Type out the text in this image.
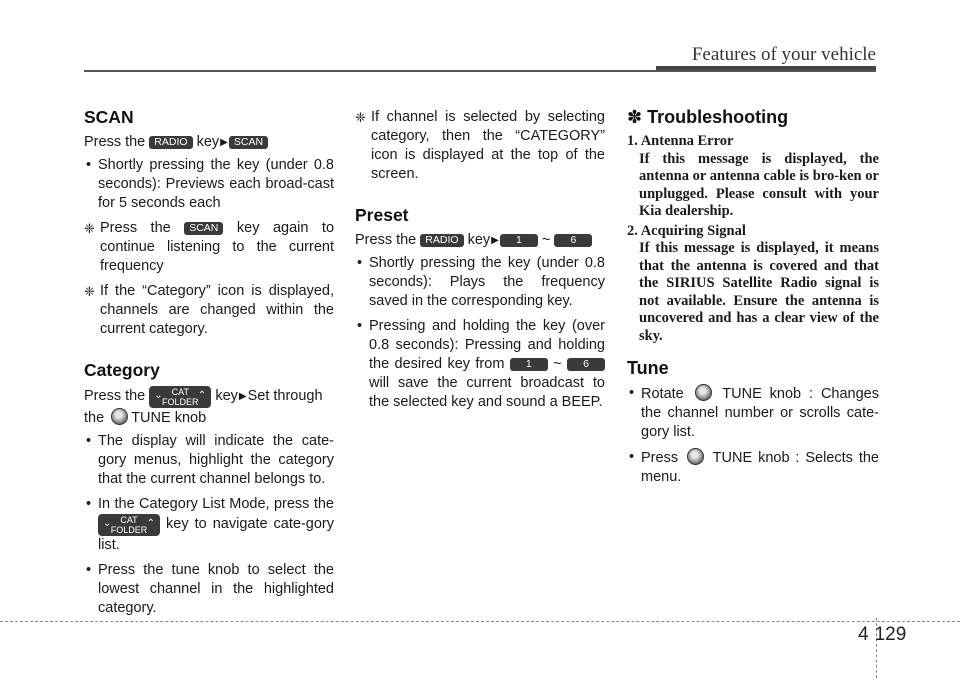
Features of your vehicle
SCAN

Press the RADIO key▶ SCAN

• Shortly pressing the key (under 0.8 seconds): Previews each broad-cast for 5 seconds each
❈ Press the SCAN key again to continue listening to the current frequency
❈ If the “Category” icon is displayed, channels are changed within the current category.
Category

Press the ⌄ CAT
FOLDER
⌃ key▶Set through the TUNE knob

• The display will indicate the cate-gory menus, highlight the category that the current channel belongs to.
• In the Category List Mode, press the
⌄ CAT
FOLDER
⌃ key to navigate cate-gory list.
• Press the tune knob to select the lowest channel in the highlighted category.
❈ If channel is selected by selecting category, then the “CATEGORY” icon is displayed at the top of the screen.
Preset

Press the RADIO key▶ 1 ~ 6

• Shortly pressing the key (under 0.8 seconds): Plays the frequency saved in the corresponding key.
• Pressing and holding the key (over 0.8 seconds): Pressing and holding the desired key from 1 ~ 6 will save the current broadcast to the selected key and sound a BEEP.
✽ Troubleshooting
1. Antenna Error
If this message is displayed, the antenna or antenna cable is bro-ken or unplugged. Please consult with your Kia dealership.
2. Acquiring Signal
If this message is displayed, it means that the antenna is covered and that the SIRIUS Satellite Radio signal is not available. Ensure the antenna is uncovered and has a clear view of the sky.
Tune
• Rotate	TUNE knob : Changes the channel number or scrolls cate-gory list.
• Press TUNE knob : Selects the menu.
4 129
